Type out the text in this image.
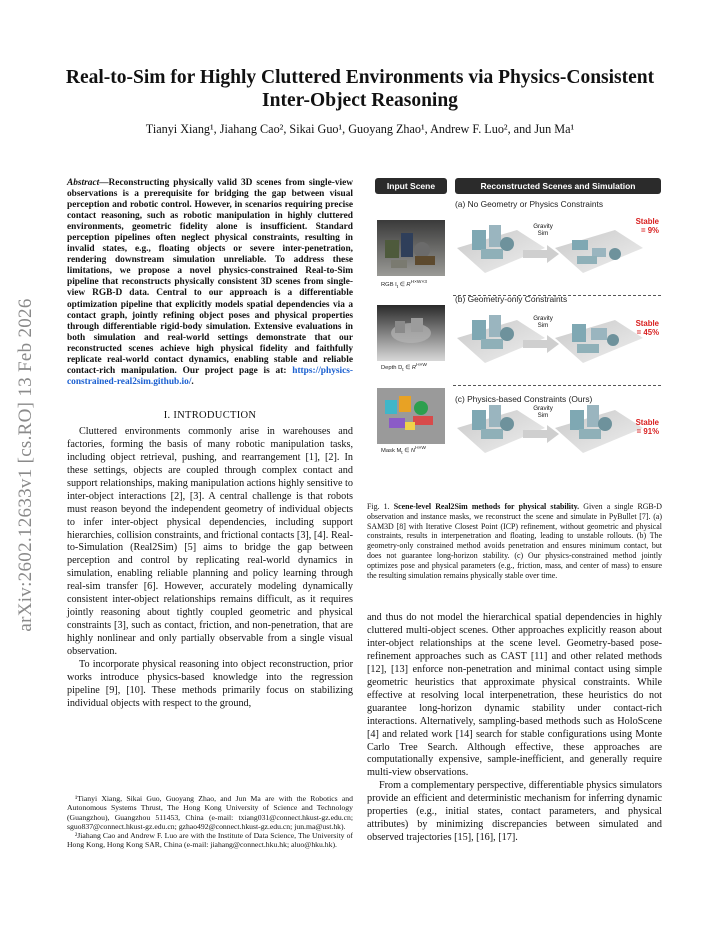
arXiv:2602.12633v1 [cs.RO] 13 Feb 2026
Real-to-Sim for Highly Cluttered Environments via Physics-Consistent Inter-Object Reasoning
Tianyi Xiang¹, Jiahang Cao², Sikai Guo¹, Guoyang Zhao¹, Andrew F. Luo², and Jun Ma¹

Abstract—Reconstructing physically valid 3D scenes from single-view observations is a prerequisite for bridging the gap between visual perception and robotic control. However, in scenarios requiring precise contact reasoning, such as robotic manipulation in highly cluttered environments, geometric fidelity alone is insufficient. Standard perception pipelines often neglect physical constraints, resulting in invalid states, e.g., floating objects or severe inter-penetration, rendering downstream simulation unreliable. To address these limitations, we propose a novel physics-constrained Real-to-Sim pipeline that reconstructs physically consistent 3D scenes from single-view RGB-D data. Central to our approach is a differentiable optimization pipeline that explicitly models spatial dependencies via a contact graph, jointly refining object poses and physical properties through differentiable rigid-body simulation. Extensive evaluations in both simulation and real-world settings demonstrate that our reconstructed scenes achieve high physical fidelity and faithfully replicate real-world contact dynamics, enabling stable and reliable contact-rich manipulation. Our project page is at: https://physics-constrained-real2sim.github.io/.

I. INTRODUCTION

Cluttered environments commonly arise in warehouses and factories, forming the basis of many robotic manipulation tasks, including object retrieval, pushing, and rearrangement [1], [2]. In these settings, objects are coupled through complex contact and support relationships, making manipulation actions highly sensitive to inter-object interactions [2], [3]. A central challenge is that robots must reason beyond the independent geometry of individual objects to infer inter-object physical dependencies, including support hierarchies, collision constraints, and frictional contacts [3], [4]. Real-to-Simulation (Real2Sim) [5] aims to bridge the gap between perception and control by replicating real-world dynamics in simulation, enabling reliable planning and policy learning through real-sim transfer [6]. However, accurately modeling dynamically consistent inter-object relationships remains difficult, as it requires jointly reasoning about tightly coupled geometric and physical constraints [3], such as contact, friction, and non-penetration, that are highly nonlinear and only partially observable from a single visual observation.

To incorporate physical reasoning into object reconstruction, prior works introduce physics-based knowledge into the regression pipeline [9], [10]. These methods primarily focus on stabilizing individual objects with respect to the ground,

¹Tianyi Xiang, Sikai Guo, Guoyang Zhao, and Jun Ma are with the Robotics and Autonomous Systems Thrust, The Hong Kong University of Science and Technology (Guangzhou), Guangzhou 511453, China (e-mail: txiang031@connect.hkust-gz.edu.cn; sguo837@connect.hkust-gz.edu.cn; gzhao492@connect.hkust-gz.edu.cn; jun.ma@ust.hk).

²Jiahang Cao and Andrew F. Luo are with the Institute of Data Science, The University of Hong Kong, Hong Kong SAR, China (e-mail: jiahang@connect.hku.hk; aluo@hku.hk).

Input Scene	Reconstructed Scenes and Simulation
(a) No Geometry or Physics Constraints
(b) Geometry-only Constraints
(c) Physics-based Constraints (Ours)
Gravity
Sim
Gravity
Sim
Gravity
Sim
Stable
= 9%
Stable
= 45%
Stable
= 91%
RGB $I_t$ ∈ $R^{H\times W\times 3}$
Depth $D_t$ ∈ $R^{H\times W}$
Mask $M_t$ ∈ $N^{H\times W}$
Fig. 1. Scene-level Real2Sim methods for physical stability. Given a single RGB-D observation and instance masks, we reconstruct the scene and simulate in PyBullet [7]. (a) SAM3D [8] with Iterative Closest Point (ICP) refinement, without geometric and physical constraints, results in interpenetration and floating, leading to unstable rollouts. (b) The geometry-only constrained method avoids penetration and ensures minimum contact, but does not guarantee long-horizon stability. (c) Our physics-constrained method jointly optimizes pose and physical parameters (e.g., friction, mass, and center of mass) to ensure the resulting simulation remains physically stable over time.

and thus do not model the hierarchical spatial dependencies in highly cluttered multi-object scenes. Other approaches explicitly reason about inter-object relationships at the scene level. Geometry-based pose-refinement approaches such as CAST [11] and other related methods [12], [13] enforce non-penetration and minimal contact using simple geometric heuristics that approximate physical constraints. While effective at resolving local interpenetration, these heuristics do not guarantee long-horizon dynamic stability under contact-rich interactions. Alternatively, sampling-based methods such as HoloScene [4] and related work [14] search for stable configurations using Monte Carlo Tree Search. Although effective, these approaches are computationally expensive, sample-inefficient, and generally require multi-view observations.

From a complementary perspective, differentiable physics simulators provide an efficient and deterministic mechanism for inferring dynamic properties (e.g., initial states, contact parameters, and physical attributes) by minimizing discrepancies between simulated and observed trajectories [15], [16], [17].
